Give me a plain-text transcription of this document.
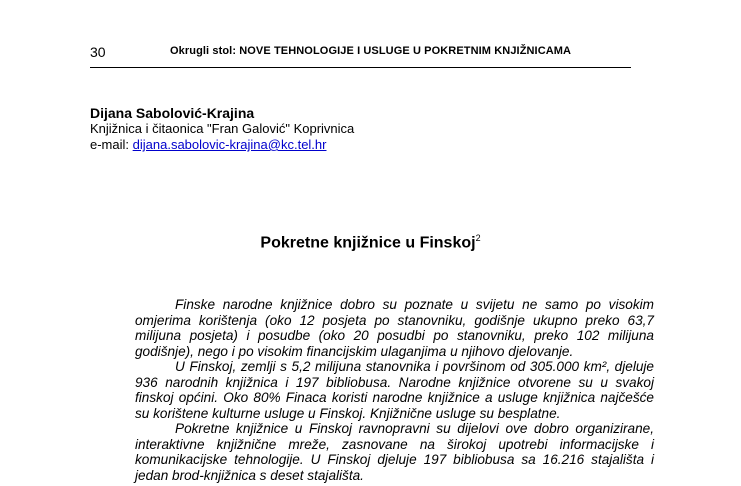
30	Okrugli stol: NOVE TEHNOLOGIJE I USLUGE U POKRETNIM KNJIŽNICAMA
Dijana Sabolović-Krajina
Knjižnica i čitaonica "Fran Galović" Koprivnica
e-mail: dijana.sabolovic-krajina@kc.tel.hr
Pokretne knjižnice u Finskoj$^2$

Finske narodne knjižnice dobro su poznate u svijetu ne samo po visokim omjerima korištenja (oko 12 posjeta po stanovniku, godišnje ukupno preko 63,7 milijuna posjeta) i posudbe (oko 20 posudbi po stanovniku, preko 102 milijuna godišnje), nego i po visokim financijskim ulaganjima u njihovo djelovanje.

U Finskoj, zemlji s 5,2 milijuna stanovnika i površinom od 305.000 km², djeluje 936 narodnih knjižnica i 197 bibliobusa. Narodne knjižnice otvorene su u svakoj finskoj općini. Oko 80% Finaca koristi narodne knjižnice a usluge knjižnica najčešće su korištene kulturne usluge u Finskoj. Knjižnične usluge su besplatne.

Pokretne knjižnice u Finskoj ravnopravni su dijelovi ove dobro organizirane, interaktivne knjižnične mreže, zasnovane na širokoj upotrebi informacijske i komunikacijske tehnologije. U Finskoj djeluje 197 bibliobusa sa 16.216 stajališta i jedan brod-knjižnica s deset stajališta.
